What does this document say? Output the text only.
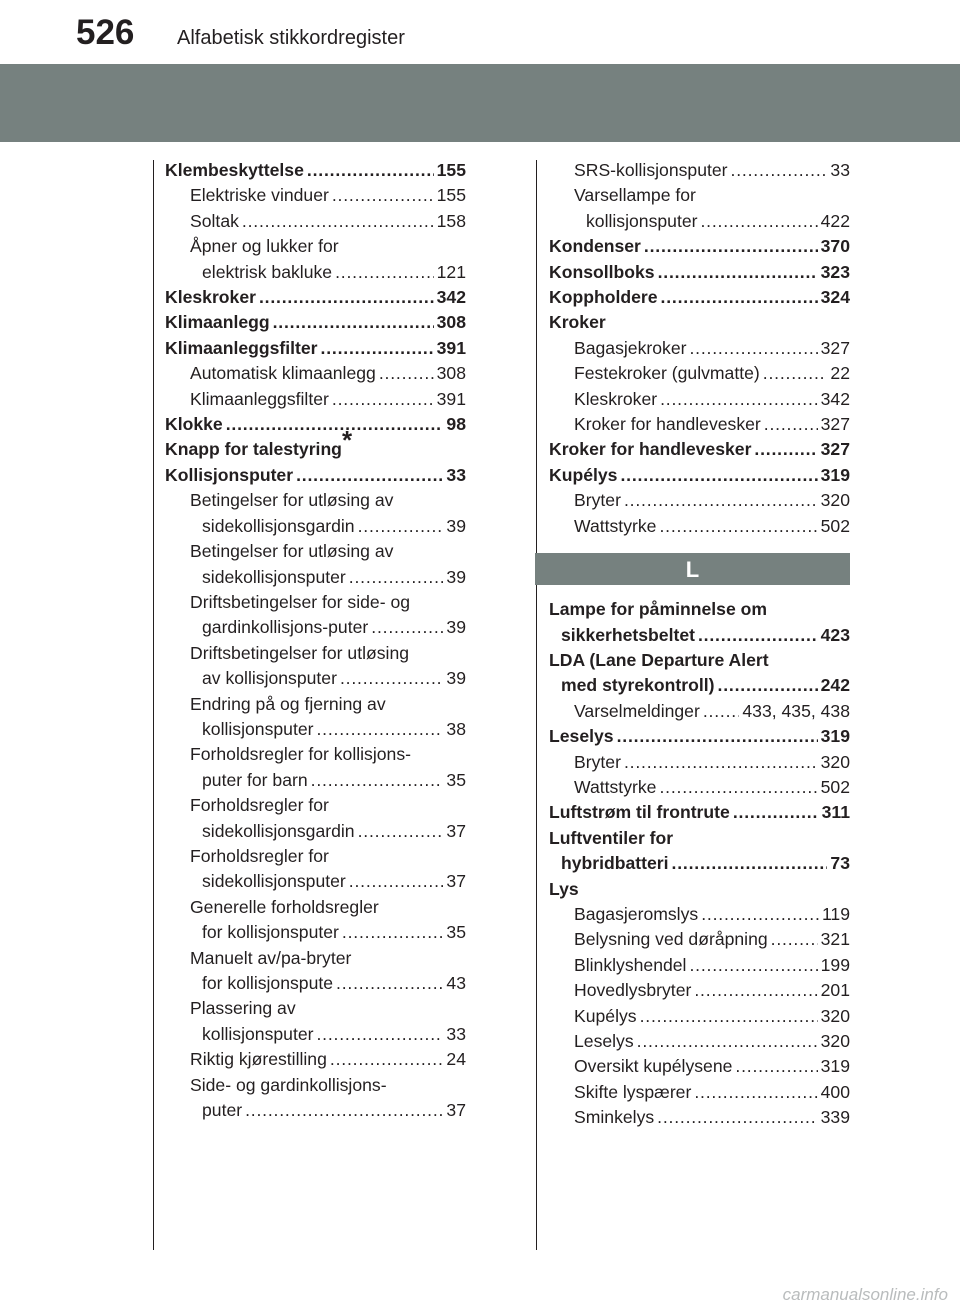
526 Alfabetisk stikkordregister
Klembeskyttelse .....	155
Elektriske vinduer .....	155
Soltak .....	158
Åpner og lukker for
elektrisk bakluke .....	121
Kleskroker .....	342
Klimaanlegg .....	308
Klimaanleggsfilter .....	391
Automatisk klimaanlegg .....	308
Klimaanleggsfilter .....	391
Klokke .....	98
Knapp for talestyring*
Kollisjonsputer .....	33
Betingelser for utløsing av
sidekollisjonsgardin .....	39
Betingelser for utløsing av
sidekollisjonsputer .....	39
Driftsbetingelser for side- og
gardinkollisjons-puter .....	39
Driftsbetingelser for utløsing
av kollisjonsputer .....	39
Endring på og fjerning av
kollisjonsputer .....	38
Forholdsregler for kollisjons-
puter for barn .....	35
Forholdsregler for
sidekollisjonsgardin .....	37
Forholdsregler for
sidekollisjonsputer .....	37
Generelle forholdsregler
for kollisjonsputer .....	35
Manuelt av/pa-bryter
for kollisjonspute .....	43
Plassering av
kollisjonsputer .....	33
Riktig kjørestilling .....	24
Side- og gardinkollisjons-
puter .....	37
SRS-kollisjonsputer .....	33
Varsellampe for
kollisjonsputer .....	422
Kondenser .....	370
Konsollboks .....	323
Koppholdere .....	324
Kroker
Bagasjekroker .....	327
Festekroker (gulvmatte) .....	22
Kleskroker .....	342
Kroker for handlevesker .....	327
Kroker for handlevesker .....	327
Kupélys .....	319
Bryter .....	320
Wattstyrke .....	502
L
Lampe for påminnelse om
sikkerhetsbeltet .....	423
LDA (Lane Departure Alert
med styrekontroll) .....	242
Varselmeldinger ..... 433, 435, 438
Leselys .....	319
Bryter .....	320
Wattstyrke .....	502
Luftstrøm til frontrute .....	311
Luftventiler for
hybridbatteri .....	73
Lys
Bagasjeromslys .....	119
Belysning ved døråpning .....	321
Blinklyshendel .....	199
Hovedlysbryter .....	201
Kupélys .....	320
Leselys .....	320
Oversikt kupélysene .....	319
Skifte lyspærer .....	400
Sminkelys .....	339
carmanualsonline.info
